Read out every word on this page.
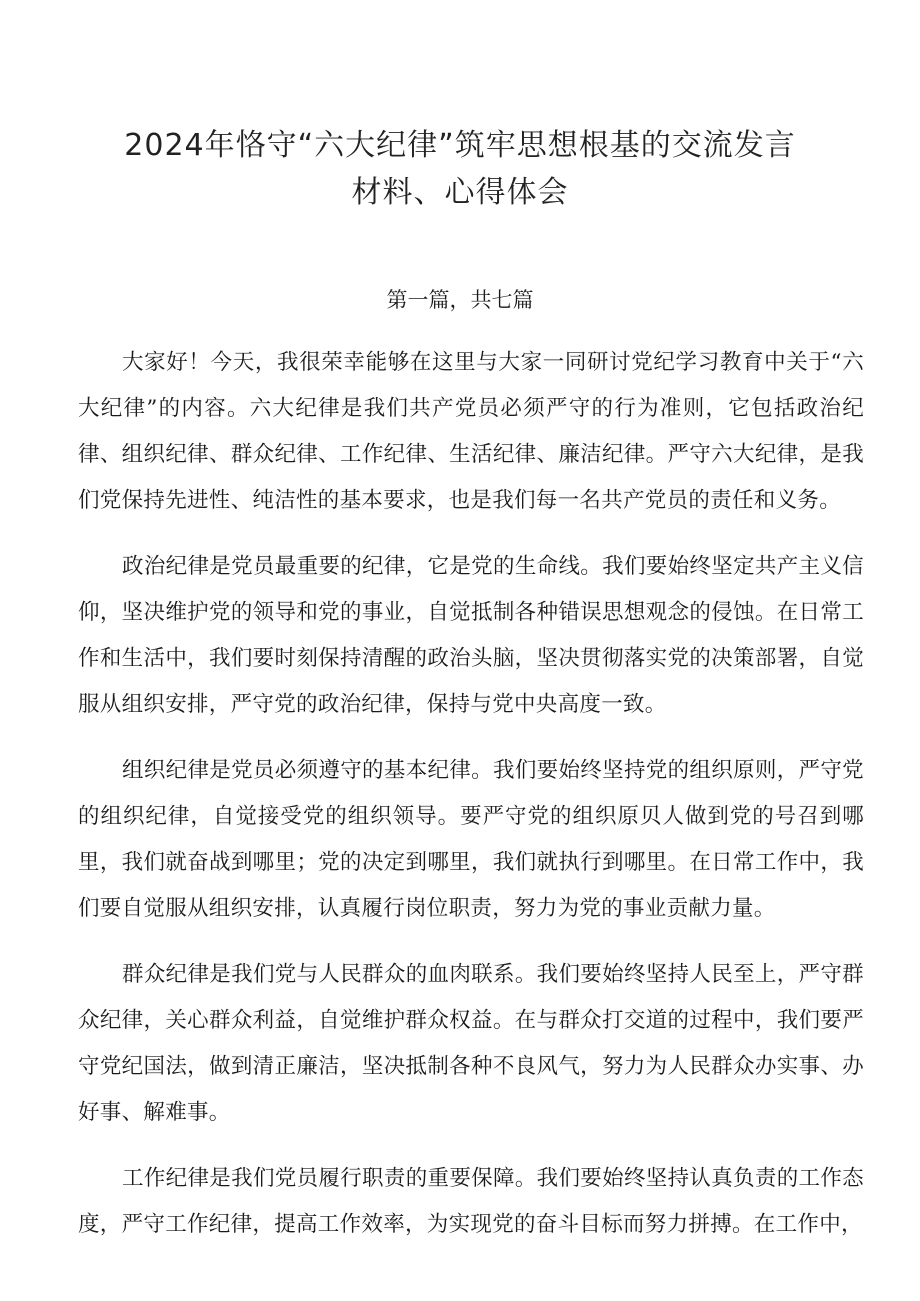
2024年恪守“六大纪律”筑牢思想根基的交流发言
材料、心得体会
第一篇，共七篇

大家好！今天，我很荣幸能够在这里与大家一同研讨党纪学习教育中关于“六大纪律”的内容。六大纪律是我们共产党员必须严守的行为准则，它包括政治纪律、组织纪律、群众纪律、工作纪律、生活纪律、廉洁纪律。严守六大纪律，是我们党保持先进性、纯洁性的基本要求，也是我们每一名共产党员的责任和义务。

政治纪律是党员最重要的纪律，它是党的生命线。我们要始终坚定共产主义信仰，坚决维护党的领导和党的事业，自觉抵制各种错误思想观念的侵蚀。在日常工作和生活中，我们要时刻保持清醒的政治头脑，坚决贯彻落实党的决策部署，自觉服从组织安排，严守党的政治纪律，保持与党中央高度一致。

组织纪律是党员必须遵守的基本纪律。我们要始终坚持党的组织原则，严守党的组织纪律，自觉接受党的组织领导。要严守党的组织原贝人做到党的号召到哪里，我们就奋战到哪里；党的决定到哪里，我们就执行到哪里。在日常工作中，我们要自觉服从组织安排，认真履行岗位职责，努力为党的事业贡献力量。

群众纪律是我们党与人民群众的血肉联系。我们要始终坚持人民至上，严守群众纪律，关心群众利益，自觉维护群众权益。在与群众打交道的过程中，我们要严守党纪国法，做到清正廉洁，坚决抵制各种不良风气，努力为人民群众办实事、办好事、解难事。

工作纪律是我们党员履行职责的重要保障。我们要始终坚持认真负责的工作态度，严守工作纪律，提高工作效率，为实现党的奋斗目标而努力拼搏。在工作中，
